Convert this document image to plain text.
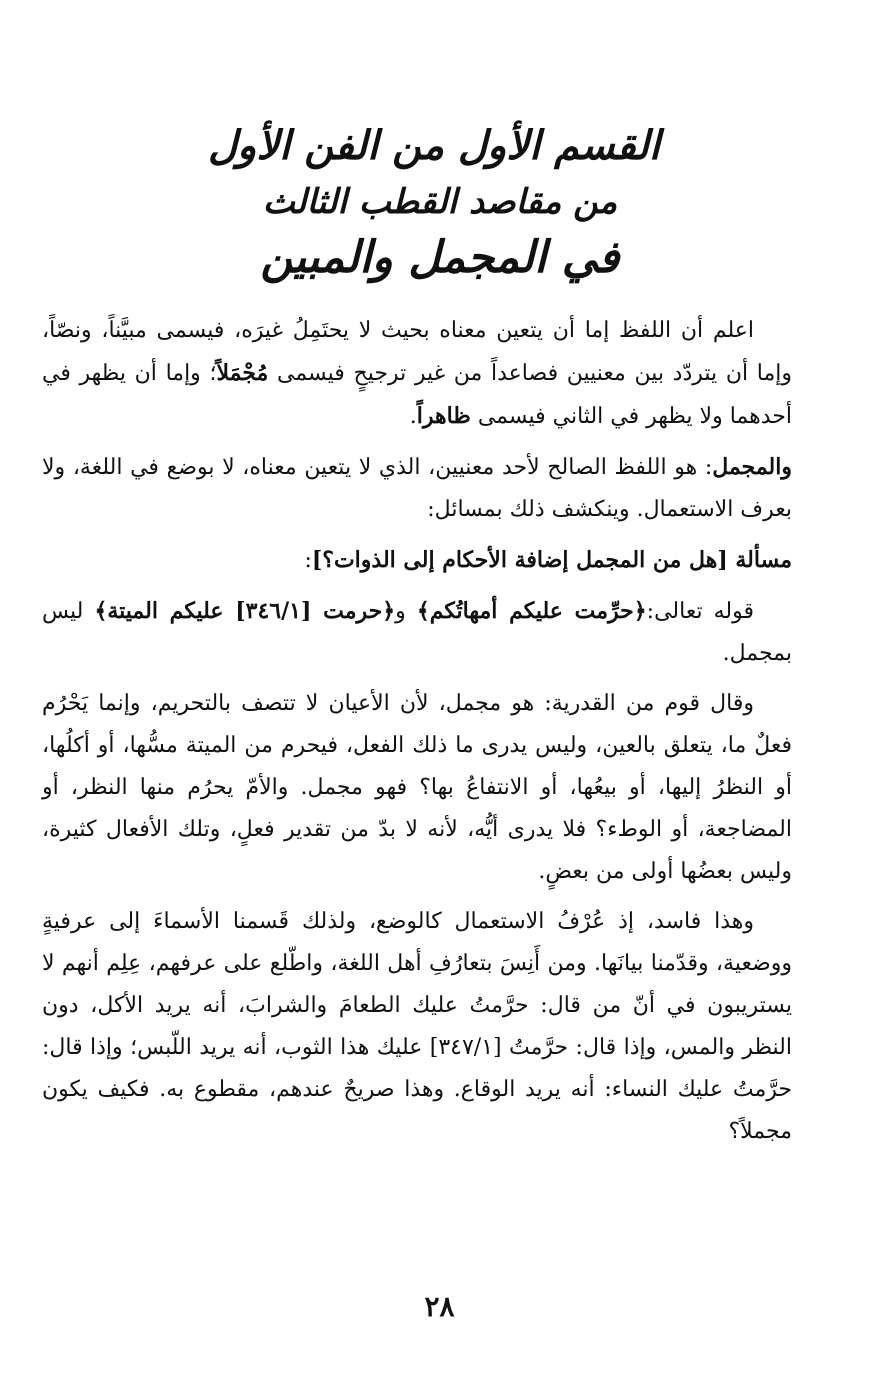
القسم الأول من الفن الأول
من مقاصد القطب الثالث
في المجمل والمبين

اعلم أن اللفظ إما أن يتعين معناه بحيث لا يحتَمِلُ غيرَه، فيسمى مبيَّناً، ونصّاً، وإما أن يتردّد بين معنيين فصاعداً من غير ترجيحٍ فيسمى مُجْمَلاً؛ وإما أن يظهر في أحدهما ولا يظهر في الثاني فيسمى ظاهراً.

والمجمل: هو اللفظ الصالح لأحد معنيين، الذي لا يتعين معناه، لا بوضع في اللغة، ولا بعرف الاستعمال. وينكشف ذلك بمسائل:

مسألة [هل من المجمل إضافة الأحكام إلى الذوات؟]:

قوله تعالى:﴿حرِّمت عليكم أمهاتُكم﴾ و﴿حرمت [٣٤٦/١] عليكم الميتة﴾ ليس بمجمل.

وقال قوم من القدرية: هو مجمل، لأن الأعيان لا تتصف بالتحريم، وإنما يَحْرُم فعلٌ ما، يتعلق بالعين، وليس يدرى ما ذلك الفعل، فيحرم من الميتة مسُّها، أو أكلُها، أو النظرُ إليها، أو بيعُها، أو الانتفاعُ بها؟ فهو مجمل. والأمّ يحرُم منها النظر، أو المضاجعة، أو الوطء؟ فلا يدرى أيُّه، لأنه لا بدّ من تقدير فعلٍ، وتلك الأفعال كثيرة، وليس بعضُها أولى من بعضٍ.

وهذا فاسد، إذ عُرْفُ الاستعمال كالوضع، ولذلك قَسمنا الأسماءَ إلى عرفيةٍ ووضعية، وقدّمنا بيانَها. ومن أَنِسَ بتعارُفِ أهل اللغة، واطّلع على عرفهم، عِلِم أنهم لا يستريبون في أنّ من قال: حرَّمتُ عليك الطعامَ والشرابَ، أنه يريد الأكل، دون النظر والمس، وإذا قال: حرَّمتُ [٣٤٧/١] عليك هذا الثوب، أنه يريد اللّبس؛ وإذا قال: حرَّمتُ عليك النساء: أنه يريد الوقاع. وهذا صريحٌ عندهم، مقطوع به. فكيف يكون مجملاً؟

٢٨
